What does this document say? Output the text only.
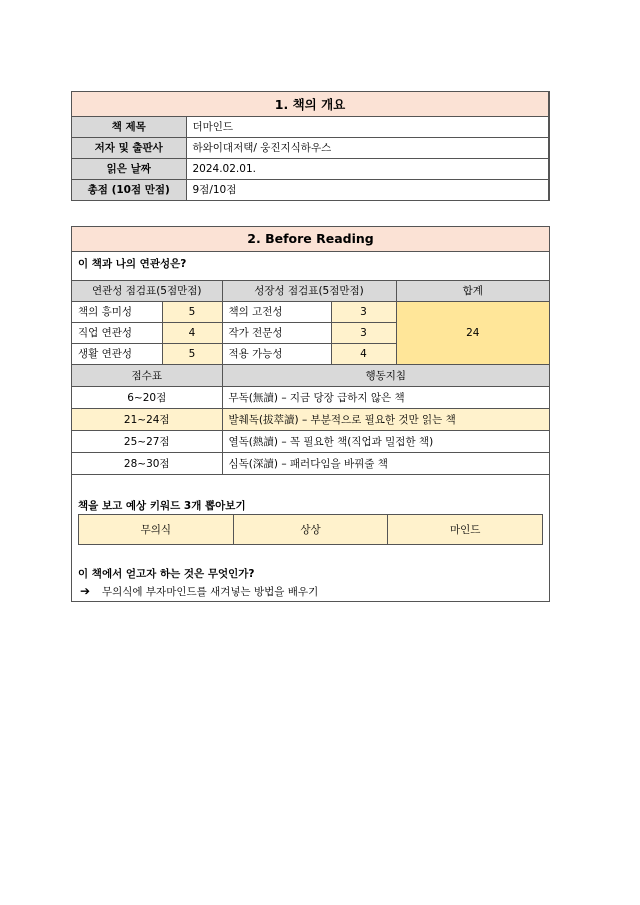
1. 책의 개요	
책 제목	더마인드
저자 및 출판사	하와이대저택/ 웅진지식하우스
읽은 날짜	2024.02.01.
총점 (10점 만점)	9점/10점
2. Before Reading				
이 책과 나의 연관성은?				
연관성 점검표(5점만점)		성장성 점검표(5점만점)		합계
책의 흥미성	5	책의 고전성	3	24
직업 연관성	4	작가 전문성	3	
생활 연관성	5	적용 가능성	4	
점수표		행동지침		
6~20점		무독(無讀) – 지금 당장 급하지 않은 책		
21~24점		발췌독(拔萃讀) – 부분적으로 필요한 것만 읽는 책		
25~27점		열독(熱讀) – 꼭 필요한 책(직업과 밀접한 책)		
28~30점		심독(深讀) – 패러다임을 바꿔줄 책		
책을 보고 예상 키워드 3개 뽑아보기
무의식	상상	마인드
이 책에서 얻고자 하는 것은 무엇인가?
➔ 무의식에 부자마인드를 새겨넣는 방법을 배우기
